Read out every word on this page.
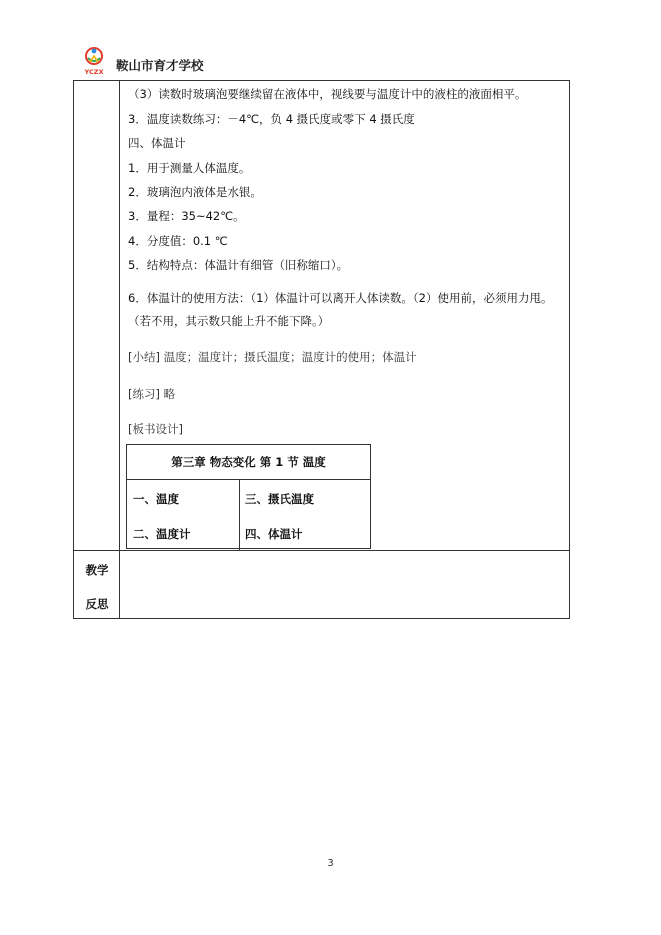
YCZX 鞍山市育才学校
（3）读数时玻璃泡要继续留在液体中，视线要与温度计中的液柱的液面相平。
3．温度读数练习：－4℃，负 4 摄氏度或零下 4 摄氏度
四、体温计
1．用于测量人体温度。
2．玻璃泡内液体是水银。
3．量程：35~42℃。
4．分度值：0.1 ℃
5．结构特点：体温计有细管（旧称缩口）。
6．体温计的使用方法：（1）体温计可以离开人体读数。（2）使用前，必须用力甩。（若不用，其示数只能上升不能下降。）
[小结] 温度；温度计；摄氏温度；温度计的使用；体温计
[练习] 略
[板书设计]
教学
反思
第三章 物态变化 第 1 节 温度
一、温度	三、摄氏温度
二、温度计	四、体温计
3
